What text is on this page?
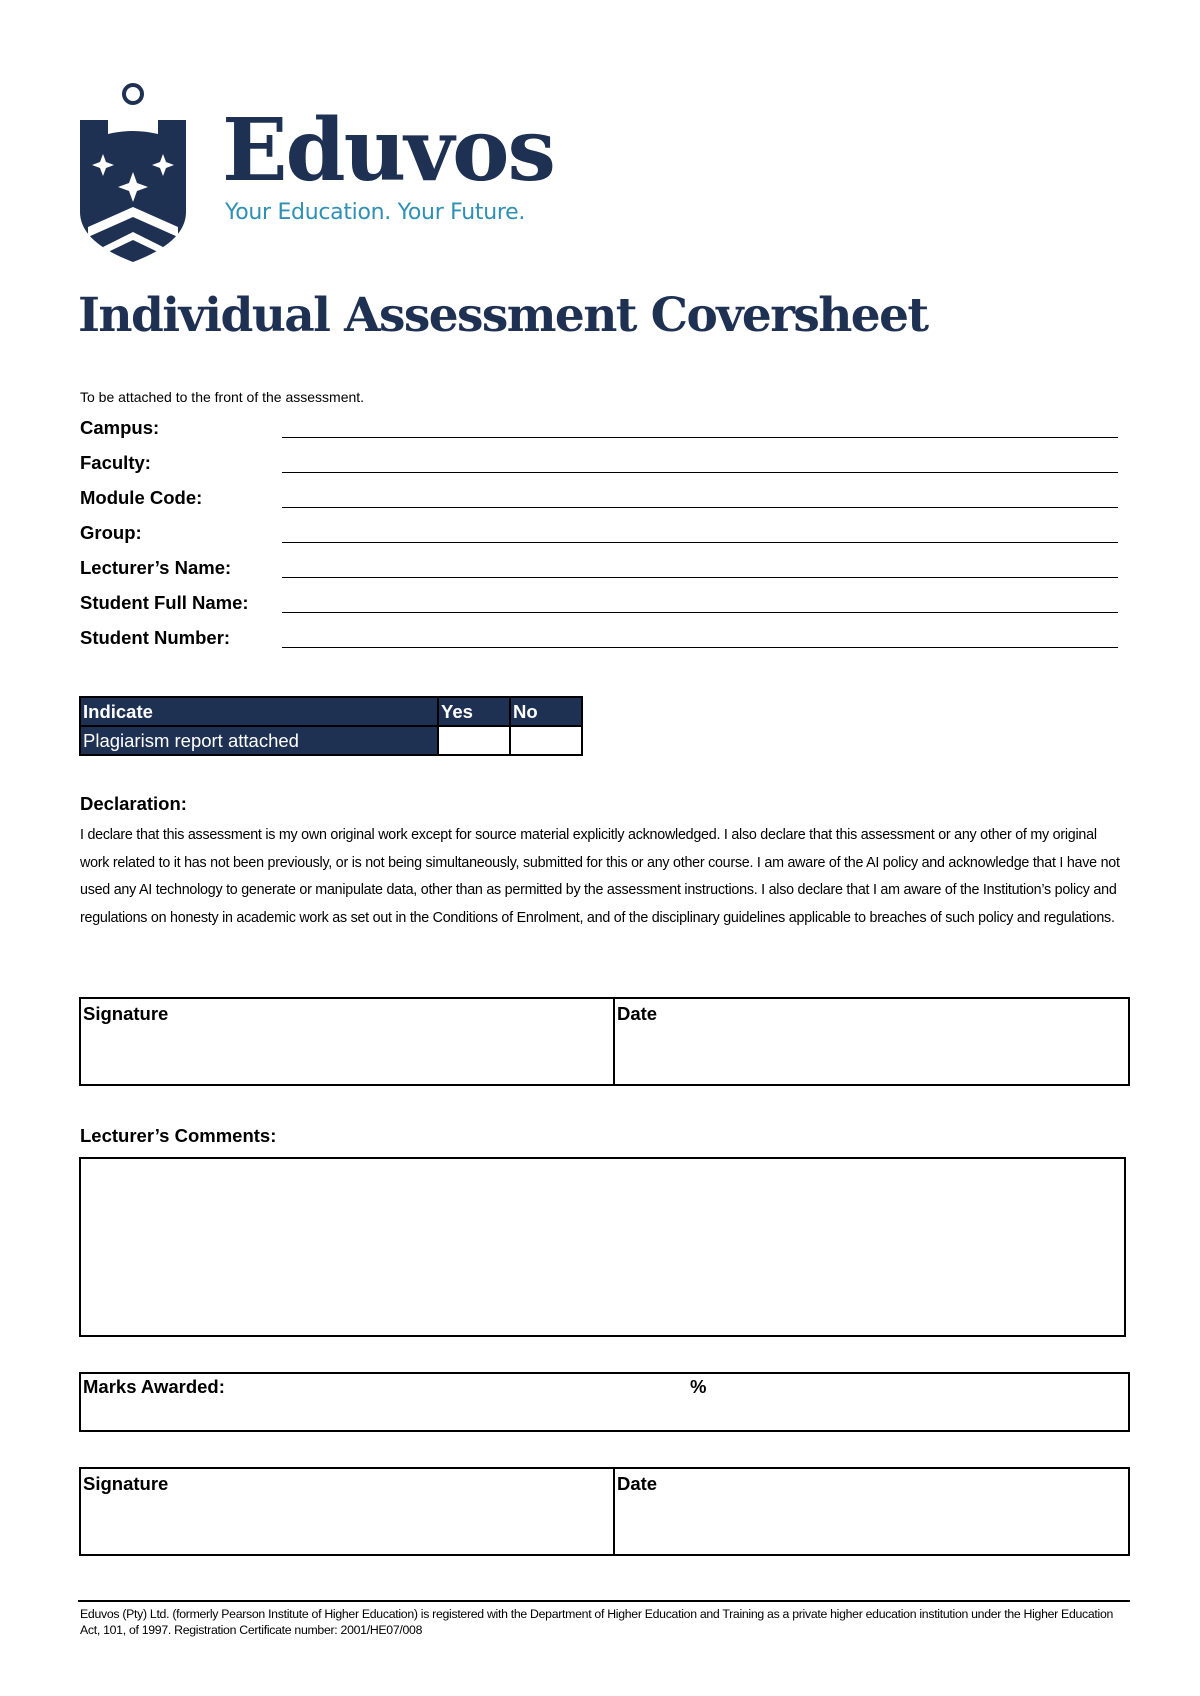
Eduvos
Your Education. Your Future.
Individual Assessment Coversheet
To be attached to the front of the assessment.
Campus:
Faculty:
Module Code:
Group:
Lecturer’s Name:
Student Full Name:
Student Number:
Indicate	Yes	No
Plagiarism report attached		
Declaration:
I declare that this assessment is my own original work except for source material explicitly acknowledged. I also declare that this assessment or any other of my original work related to it has not been previously, or is not being simultaneously, submitted for this or any other course. I am aware of the AI policy and acknowledge that I have not used any AI technology to generate or manipulate data, other than as permitted by the assessment instructions. I also declare that I am aware of the Institution’s policy and regulations on honesty in academic work as set out in the Conditions of Enrolment, and of the disciplinary guidelines applicable to breaches of such policy and regulations.
Signature	Date
Lecturer’s Comments:
Marks Awarded:	%
Signature	Date
Eduvos (Pty) Ltd. (formerly Pearson Institute of Higher Education) is registered with the Department of Higher Education and Training as a private higher education institution under the Higher Education Act, 101, of 1997. Registration Certificate number: 2001/HE07/008
